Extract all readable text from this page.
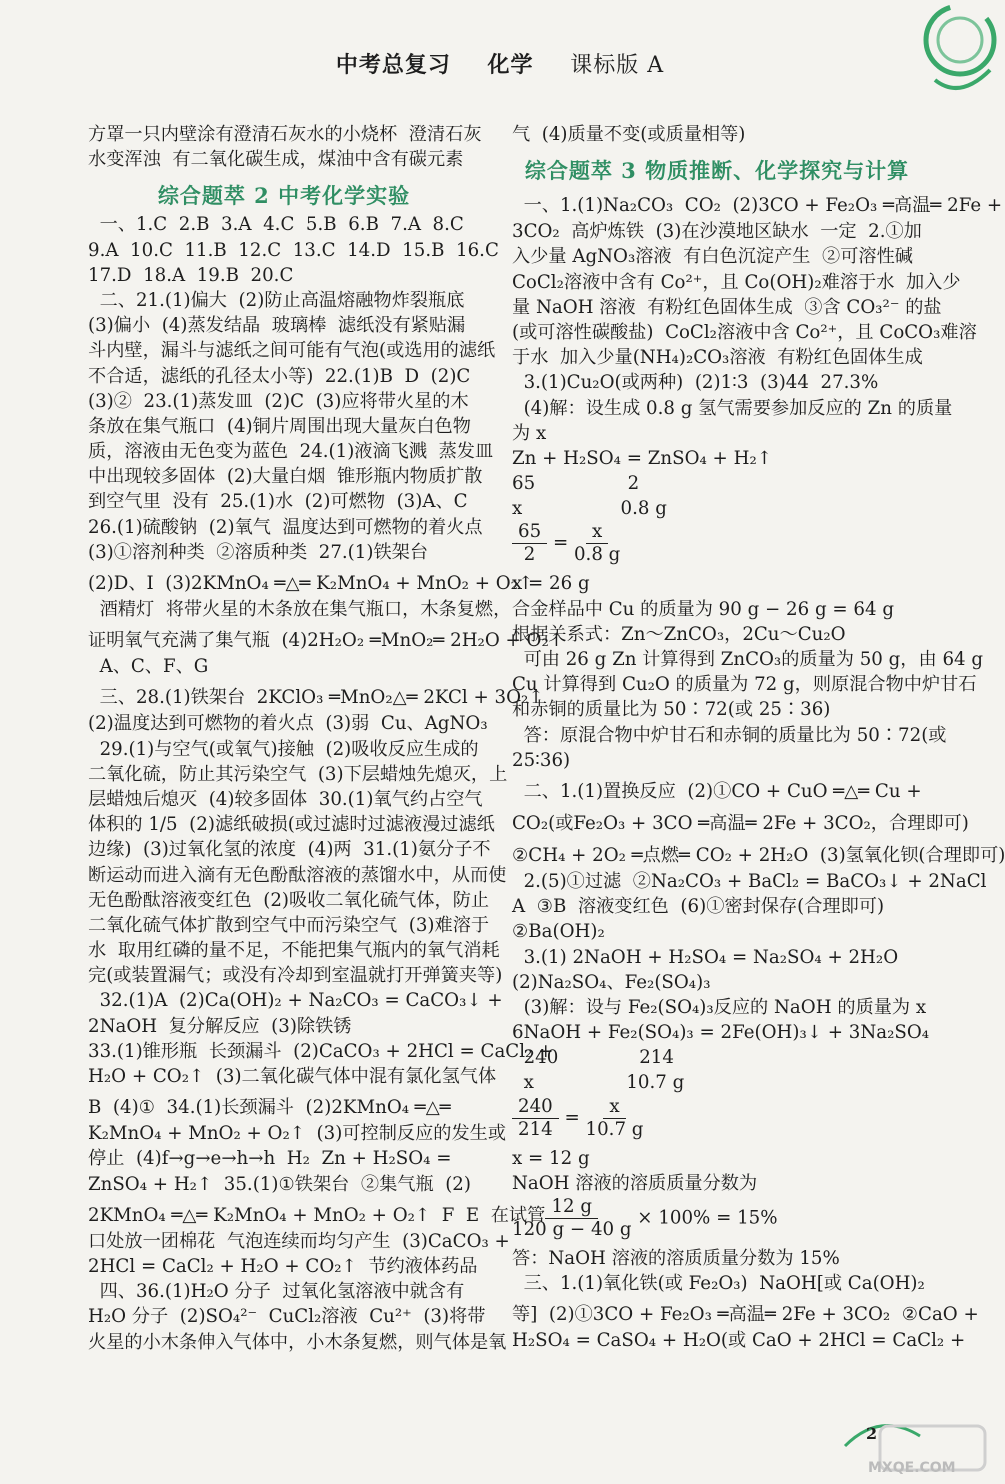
中考总复习 化学 课标版 A
方罩一只内壁涂有澄清石灰水的小烧杯  澄清石灰
水变浑浊  有二氧化碳生成，煤油中含有碳元素
综合题萃 2 中考化学实验
一、1.C  2.B  3.A  4.C  5.B  6.B  7.A  8.C
9.A  10.C  11.B  12.C  13.C  14.D  15.B  16.C
17.D  18.A  19.B  20.C
二、21.(1)偏大  (2)防止高温熔融物炸裂瓶底
(3)偏小  (4)蒸发结晶  玻璃棒  滤纸没有紧贴漏
斗内壁，漏斗与滤纸之间可能有气泡(或选用的滤纸
不合适，滤纸的孔径太小等)  22.(1)B  D  (2)C
(3)②  23.(1)蒸发皿  (2)C  (3)应将带火星的木
条放在集气瓶口  (4)铜片周围出现大量灰白色物
质，溶液由无色变为蓝色  24.(1)液滴飞溅  蒸发皿
中出现较多固体  (2)大量白烟  锥形瓶内物质扩散
到空气里  没有  25.(1)水  (2)可燃物  (3)A、C
26.(1)硫酸钠  (2)氧气  温度达到可燃物的着火点
(3)①溶剂种类  ②溶质种类  27.(1)铁架台
(2)D、I  (3)2KMnO₄ ═△═ K₂MnO₄ + MnO₂ + O₂↑
酒精灯  将带火星的木条放在集气瓶口，木条复燃，
证明氧气充满了集气瓶  (4)2H₂O₂ ═MnO₂═ 2H₂O + O₂↑
A、C、F、G
三、28.(1)铁架台  2KClO₃ ═MnO₂△═ 2KCl + 3O₂↑
(2)温度达到可燃物的着火点  (3)弱  Cu、AgNO₃
29.(1)与空气(或氧气)接触  (2)吸收反应生成的
二氧化硫，防止其污染空气  (3)下层蜡烛先熄灭，上
层蜡烛后熄灭  (4)较多固体  30.(1)氧气约占空气
体积的 1/5  (2)滤纸破损(或过滤时过滤液漫过滤纸
边缘)  (3)过氧化氢的浓度  (4)两  31.(1)氨分子不
断运动而进入滴有无色酚酞溶液的蒸馏水中，从而使
无色酚酞溶液变红色  (2)吸收二氧化硫气体，防止
二氧化硫气体扩散到空气中而污染空气  (3)难溶于
水  取用红磷的量不足，不能把集气瓶内的氧气消耗
完(或装置漏气；或没有冷却到室温就打开弹簧夹等)
32.(1)A  (2)Ca(OH)₂ + Na₂CO₃ = CaCO₃↓ +
2NaOH  复分解反应  (3)除铁锈
33.(1)锥形瓶  长颈漏斗  (2)CaCO₃ + 2HCl = CaCl₂ +
H₂O + CO₂↑  (3)二氧化碳气体中混有氯化氢气体
B  (4)①  34.(1)长颈漏斗  (2)2KMnO₄ ═△═
K₂MnO₄ + MnO₂ + O₂↑  (3)可控制反应的发生或
停止  (4)f→g→e→h→h  H₂  Zn + H₂SO₄ =
ZnSO₄ + H₂↑  35.(1)①铁架台  ②集气瓶  (2)
2KMnO₄ ═△═ K₂MnO₄ + MnO₂ + O₂↑  F  E  在试管
口处放一团棉花  气泡连续而均匀产生  (3)CaCO₃ +
2HCl = CaCl₂ + H₂O + CO₂↑  节约液体药品
四、36.(1)H₂O 分子  过氧化氢溶液中就含有
H₂O 分子  (2)SO₄²⁻  CuCl₂溶液  Cu²⁺  (3)将带
火星的小木条伸入气体中，小木条复燃，则气体是氧
气  (4)质量不变(或质量相等)
综合题萃 3 物质推断、化学探究与计算
一、1.(1)Na₂CO₃  CO₂  (2)3CO + Fe₂O₃ ═高温═ 2Fe +
3CO₂  高炉炼铁  (3)在沙漠地区缺水  一定  2.①加
入少量 AgNO₃溶液  有白色沉淀产生  ②可溶性碱
CoCl₂溶液中含有 Co²⁺，且 Co(OH)₂难溶于水  加入少
量 NaOH 溶液  有粉红色固体生成  ③含 CO₃²⁻ 的盐
(或可溶性碳酸盐)  CoCl₂溶液中含 Co²⁺，且 CoCO₃难溶
于水  加入少量(NH₄)₂CO₃溶液  有粉红色固体生成
3.(1)Cu₂O(或两种)  (2)1∶3  (3)44  27.3%
(4)解：设生成 0.8 g 氢气需要参加反应的 Zn 的质量
为 x
Zn + H₂SO₄ = ZnSO₄ + H₂↑
65                2
x                 0.8 g
$\frac{65}{2} = \frac{x}{0.8 g}$
x = 26 g
合金样品中 Cu 的质量为 90 g − 26 g = 64 g
根据关系式：Zn～ZnCO₃，2Cu～Cu₂O
可由 26 g Zn 计算得到 ZnCO₃的质量为 50 g，由 64 g
Cu 计算得到 Cu₂O 的质量为 72 g，则原混合物中炉甘石
和赤铜的质量比为 50∶72(或 25∶36)
答：原混合物中炉甘石和赤铜的质量比为 50∶72(或
25∶36)
二、1.(1)置换反应  (2)①CO + CuO ═△═ Cu +
CO₂(或Fe₂O₃ + 3CO ═高温═ 2Fe + 3CO₂，合理即可)
②CH₄ + 2O₂ ═点燃═ CO₂ + 2H₂O  (3)氢氧化钡(合理即可)
2.(5)①过滤  ②Na₂CO₃ + BaCl₂ = BaCO₃↓ + 2NaCl
A  ③B  溶液变红色  (6)①密封保存(合理即可)
②Ba(OH)₂
3.(1) 2NaOH + H₂SO₄ = Na₂SO₄ + 2H₂O
(2)Na₂SO₄、Fe₂(SO₄)₃
(3)解：设与 Fe₂(SO₄)₃反应的 NaOH 的质量为 x
6NaOH + Fe₂(SO₄)₃ = 2Fe(OH)₃↓ + 3Na₂SO₄
240              214
x                10.7 g
$\frac{240}{214} = \frac{x}{10.7 g}$
x = 12 g
NaOH 溶液的溶质质量分数为
$\frac{12 g}{120 g - 40 g} \times 100\% = 15\%$
答：NaOH 溶液的溶质质量分数为 15%
三、1.(1)氧化铁(或 Fe₂O₃)  NaOH[或 Ca(OH)₂
等]  (2)①3CO + Fe₂O₃ ═高温═ 2Fe + 3CO₂  ②CaO +
H₂SO₄ = CaSO₄ + H₂O(或 CaO + 2HCl = CaCl₂ +
2
MXQE.COM
